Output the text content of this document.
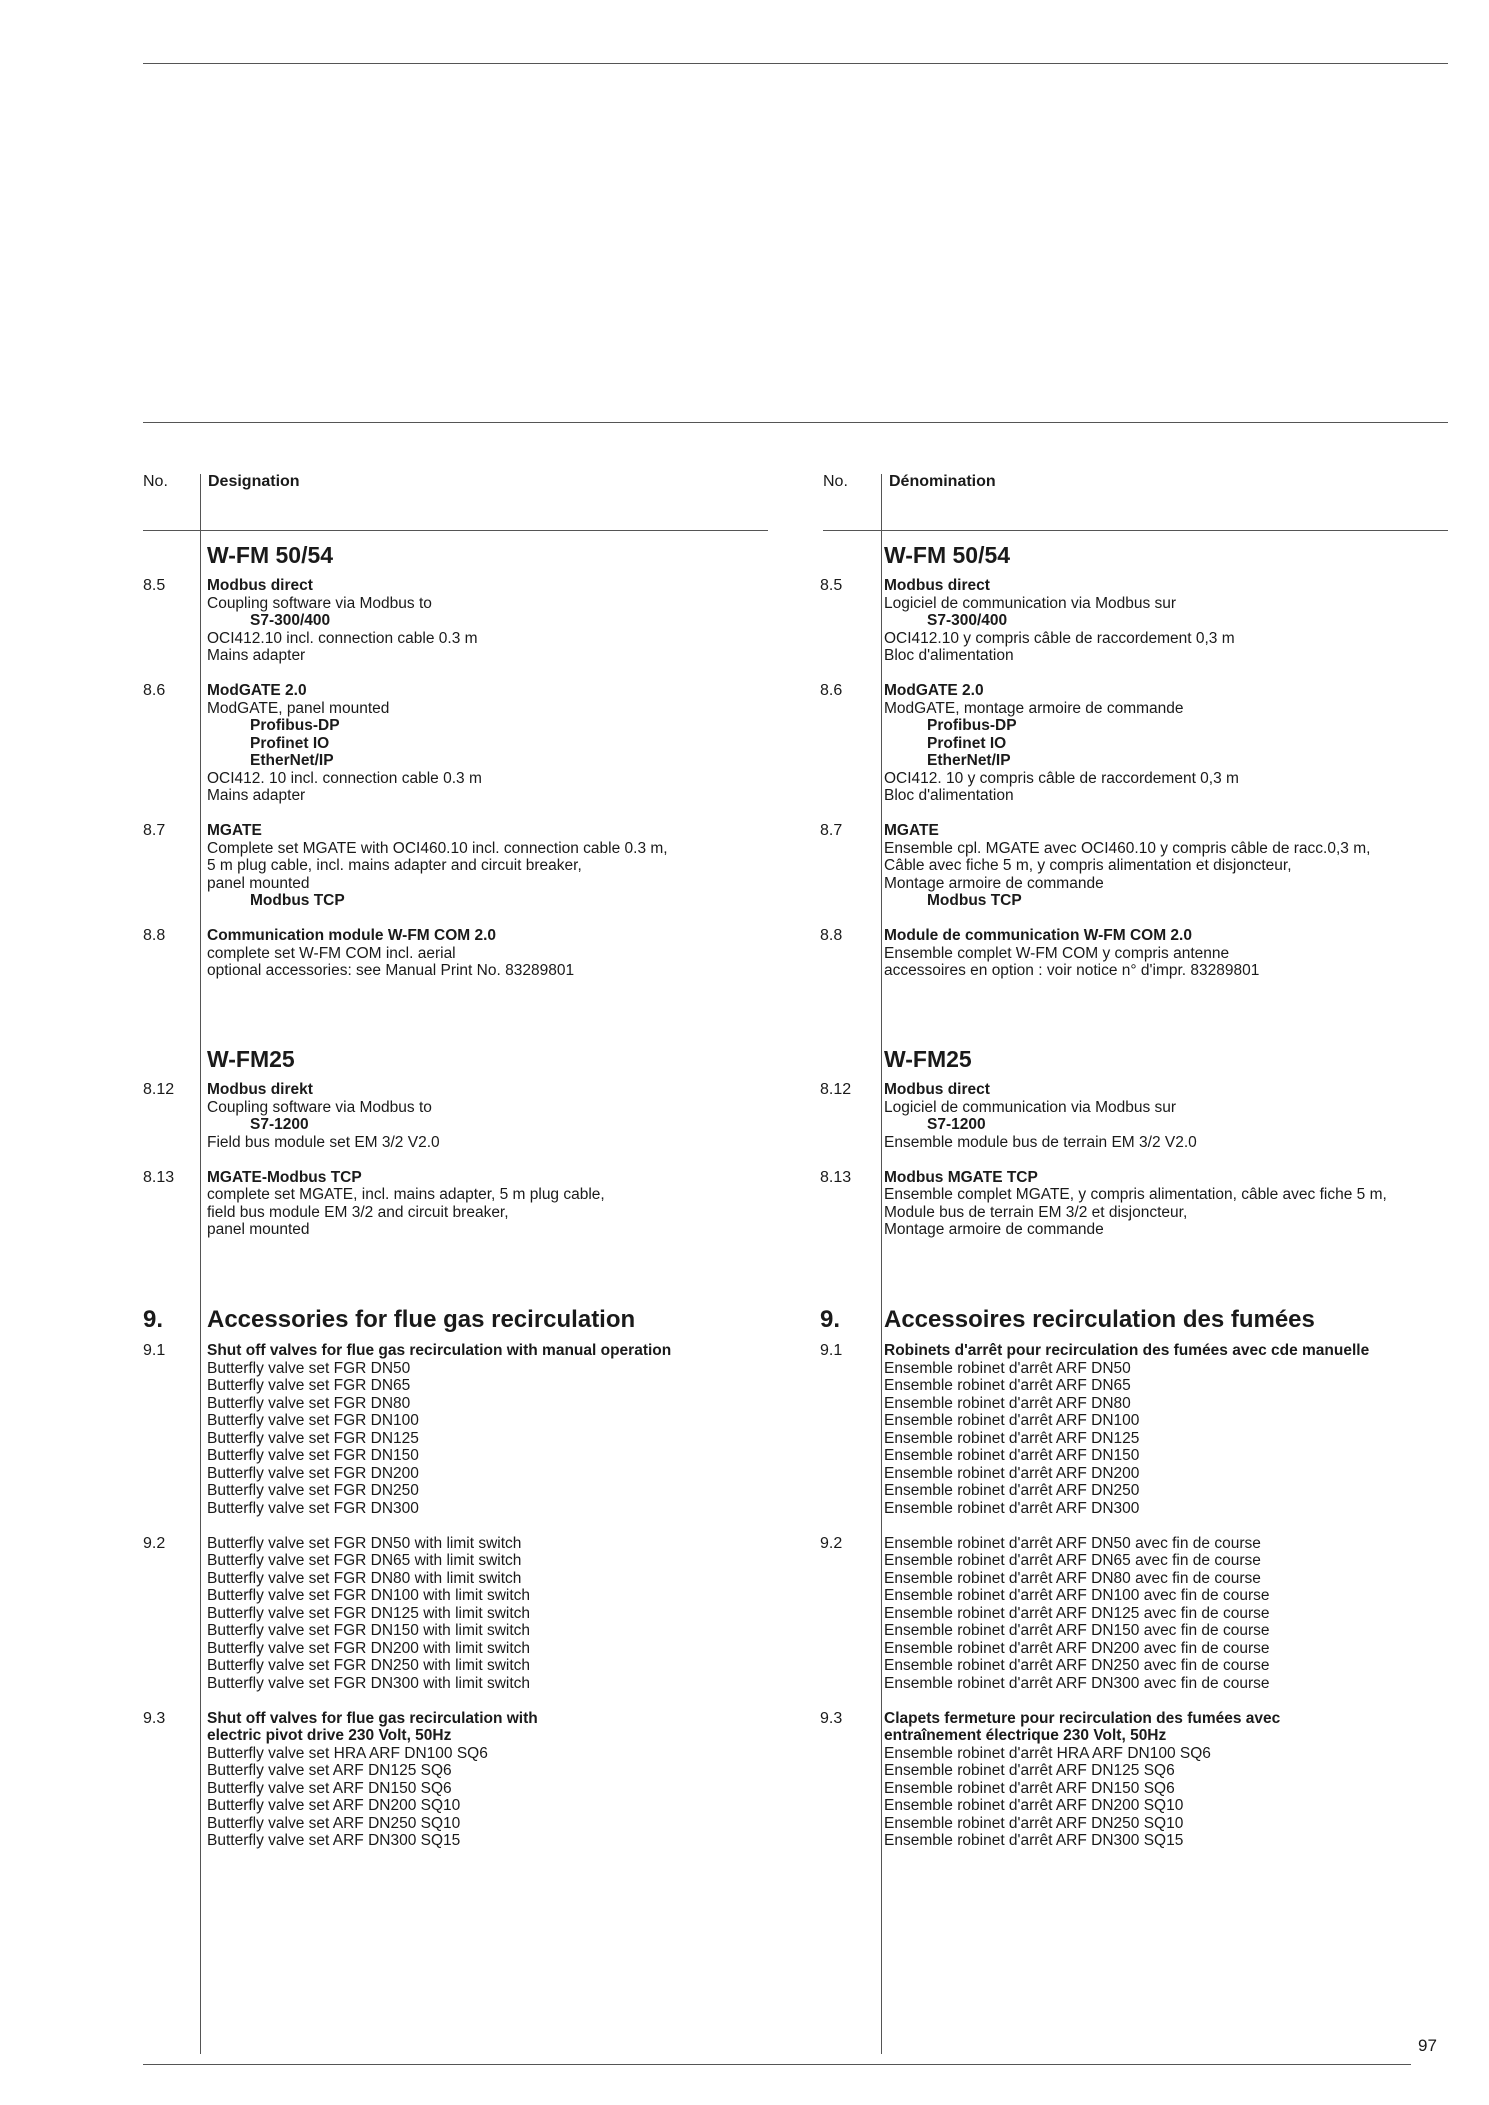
No.	Designation	No.	Dénomination
W-FM 50/54
8.5	Modbus direct
Coupling software via Modbus to
S7-300/400
OCI412.10 incl. connection cable 0.3 m
Mains adapter
8.6	ModGATE 2.0
ModGATE, panel mounted
Profibus-DP
Profinet IO
EtherNet/IP
OCI412. 10 incl. connection cable 0.3 m
Mains adapter
8.7	MGATE
Complete set MGATE with OCI460.10 incl. connection cable 0.3 m,
5 m plug cable, incl. mains adapter and circuit breaker,
panel mounted
Modbus TCP
8.8	Communication module W-FM COM 2.0
complete set W-FM COM incl. aerial
optional accessories: see Manual Print No. 83289801
W-FM25
8.12	Modbus direkt
Coupling software via Modbus to
S7-1200
Field bus module set EM 3/2 V2.0
8.13	MGATE-Modbus TCP
complete set MGATE, incl. mains adapter, 5 m plug cable,
field bus module EM 3/2 and circuit breaker,
panel mounted
9.	Accessories for flue gas recirculation
9.1	Shut off valves for flue gas recirculation with manual operation
Butterfly valve set FGR DN50
Butterfly valve set FGR DN65
Butterfly valve set FGR DN80
Butterfly valve set FGR DN100
Butterfly valve set FGR DN125
Butterfly valve set FGR DN150
Butterfly valve set FGR DN200
Butterfly valve set FGR DN250
Butterfly valve set FGR DN300
9.2	Butterfly valve set FGR DN50 with limit switch
Butterfly valve set FGR DN65 with limit switch
Butterfly valve set FGR DN80 with limit switch
Butterfly valve set FGR DN100 with limit switch
Butterfly valve set FGR DN125 with limit switch
Butterfly valve set FGR DN150 with limit switch
Butterfly valve set FGR DN200 with limit switch
Butterfly valve set FGR DN250 with limit switch
Butterfly valve set FGR DN300 with limit switch
9.3	Shut off valves for flue gas recirculation with
electric pivot drive 230 Volt, 50Hz
Butterfly valve set HRA ARF DN100 SQ6
Butterfly valve set ARF DN125 SQ6
Butterfly valve set ARF DN150 SQ6
Butterfly valve set ARF DN200 SQ10
Butterfly valve set ARF DN250 SQ10
Butterfly valve set ARF DN300 SQ15
W-FM 50/54
8.5	Modbus direct
Logiciel de communication via Modbus sur
S7-300/400
OCI412.10 y compris câble de raccordement 0,3 m
Bloc d'alimentation
8.6	ModGATE 2.0
ModGATE, montage armoire de commande
Profibus-DP
Profinet IO
EtherNet/IP
OCI412. 10 y compris câble de raccordement 0,3 m
Bloc d'alimentation
8.7	MGATE
Ensemble cpl. MGATE avec OCI460.10 y compris câble de racc.0,3 m,
Câble avec fiche 5 m, y compris alimentation et disjoncteur,
Montage armoire de commande
Modbus TCP
8.8	Module de communication W-FM COM 2.0
Ensemble complet W-FM COM y compris antenne
accessoires en option : voir notice n° d'impr. 83289801
W-FM25
8.12	Modbus direct
Logiciel de communication via Modbus sur
S7-1200
Ensemble module bus de terrain EM 3/2 V2.0
8.13	Modbus MGATE TCP
Ensemble complet MGATE, y compris alimentation, câble avec fiche 5 m,
Module bus de terrain EM 3/2 et disjoncteur,
Montage armoire de commande
9.	Accessoires recirculation des fumées
9.1	Robinets d'arrêt pour recirculation des fumées avec cde manuelle
Ensemble robinet d'arrêt ARF DN50
Ensemble robinet d'arrêt ARF DN65
Ensemble robinet d'arrêt ARF DN80
Ensemble robinet d'arrêt ARF DN100
Ensemble robinet d'arrêt ARF DN125
Ensemble robinet d'arrêt ARF DN150
Ensemble robinet d'arrêt ARF DN200
Ensemble robinet d'arrêt ARF DN250
Ensemble robinet d'arrêt ARF DN300
9.2	Ensemble robinet d'arrêt ARF DN50 avec fin de course
Ensemble robinet d'arrêt ARF DN65 avec fin de course
Ensemble robinet d'arrêt ARF DN80 avec fin de course
Ensemble robinet d'arrêt ARF DN100 avec fin de course
Ensemble robinet d'arrêt ARF DN125 avec fin de course
Ensemble robinet d'arrêt ARF DN150 avec fin de course
Ensemble robinet d'arrêt ARF DN200 avec fin de course
Ensemble robinet d'arrêt ARF DN250 avec fin de course
Ensemble robinet d'arrêt ARF DN300 avec fin de course
9.3	Clapets fermeture pour recirculation des fumées avec
entraînement électrique 230 Volt, 50Hz
Ensemble robinet d'arrêt HRA ARF DN100 SQ6
Ensemble robinet d'arrêt ARF DN125 SQ6
Ensemble robinet d'arrêt ARF DN150 SQ6
Ensemble robinet d'arrêt ARF DN200 SQ10
Ensemble robinet d'arrêt ARF DN250 SQ10
Ensemble robinet d'arrêt ARF DN300 SQ15
97
